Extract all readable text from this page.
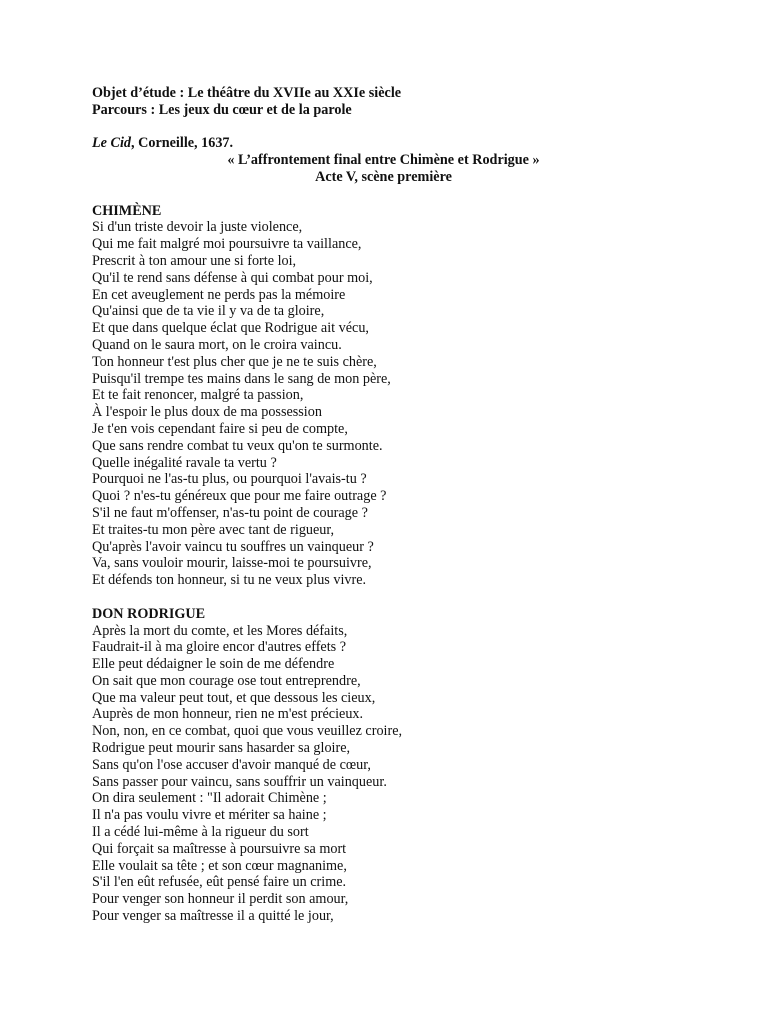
Objet d’étude : Le théâtre du XVIIe au XXIe siècle
Parcours : Les jeux du cœur et de la parole
Le Cid, Corneille, 1637.
« L’affrontement final entre Chimène et Rodrigue »
Acte V, scène première
CHIMÈNE
Si d'un triste devoir la juste violence,
Qui me fait malgré moi poursuivre ta vaillance,
Prescrit à ton amour une si forte loi,
Qu'il te rend sans défense à qui combat pour moi,
En cet aveuglement ne perds pas la mémoire
Qu'ainsi que de ta vie il y va de ta gloire,
Et que dans quelque éclat que Rodrigue ait vécu,
Quand on le saura mort, on le croira vaincu.
Ton honneur t'est plus cher que je ne te suis chère,
Puisqu'il trempe tes mains dans le sang de mon père,
Et te fait renoncer, malgré ta passion,
À l'espoir le plus doux de ma possession
Je t'en vois cependant faire si peu de compte,
Que sans rendre combat tu veux qu'on te surmonte.
Quelle inégalité ravale ta vertu ?
Pourquoi ne l'as-tu plus, ou pourquoi l'avais-tu ?
Quoi ? n'es-tu généreux que pour me faire outrage ?
S'il ne faut m'offenser, n'as-tu point de courage ?
Et traites-tu mon père avec tant de rigueur,
Qu'après l'avoir vaincu tu souffres un vainqueur ?
Va, sans vouloir mourir, laisse-moi te poursuivre,
Et défends ton honneur, si tu ne veux plus vivre.
DON RODRIGUE
Après la mort du comte, et les Mores défaits,
Faudrait-il à ma gloire encor d'autres effets ?
Elle peut dédaigner le soin de me défendre
On sait que mon courage ose tout entreprendre,
Que ma valeur peut tout, et que dessous les cieux,
Auprès de mon honneur, rien ne m'est précieux.
Non, non, en ce combat, quoi que vous veuillez croire,
Rodrigue peut mourir sans hasarder sa gloire,
Sans qu'on l'ose accuser d'avoir manqué de cœur,
Sans passer pour vaincu, sans souffrir un vainqueur.
On dira seulement : "Il adorait Chimène ;
Il n'a pas voulu vivre et mériter sa haine ;
Il a cédé lui-même à la rigueur du sort
Qui forçait sa maîtresse à poursuivre sa mort
Elle voulait sa tête ; et son cœur magnanime,
S'il l'en eût refusée, eût pensé faire un crime.
Pour venger son honneur il perdit son amour,
Pour venger sa maîtresse il a quitté le jour,
